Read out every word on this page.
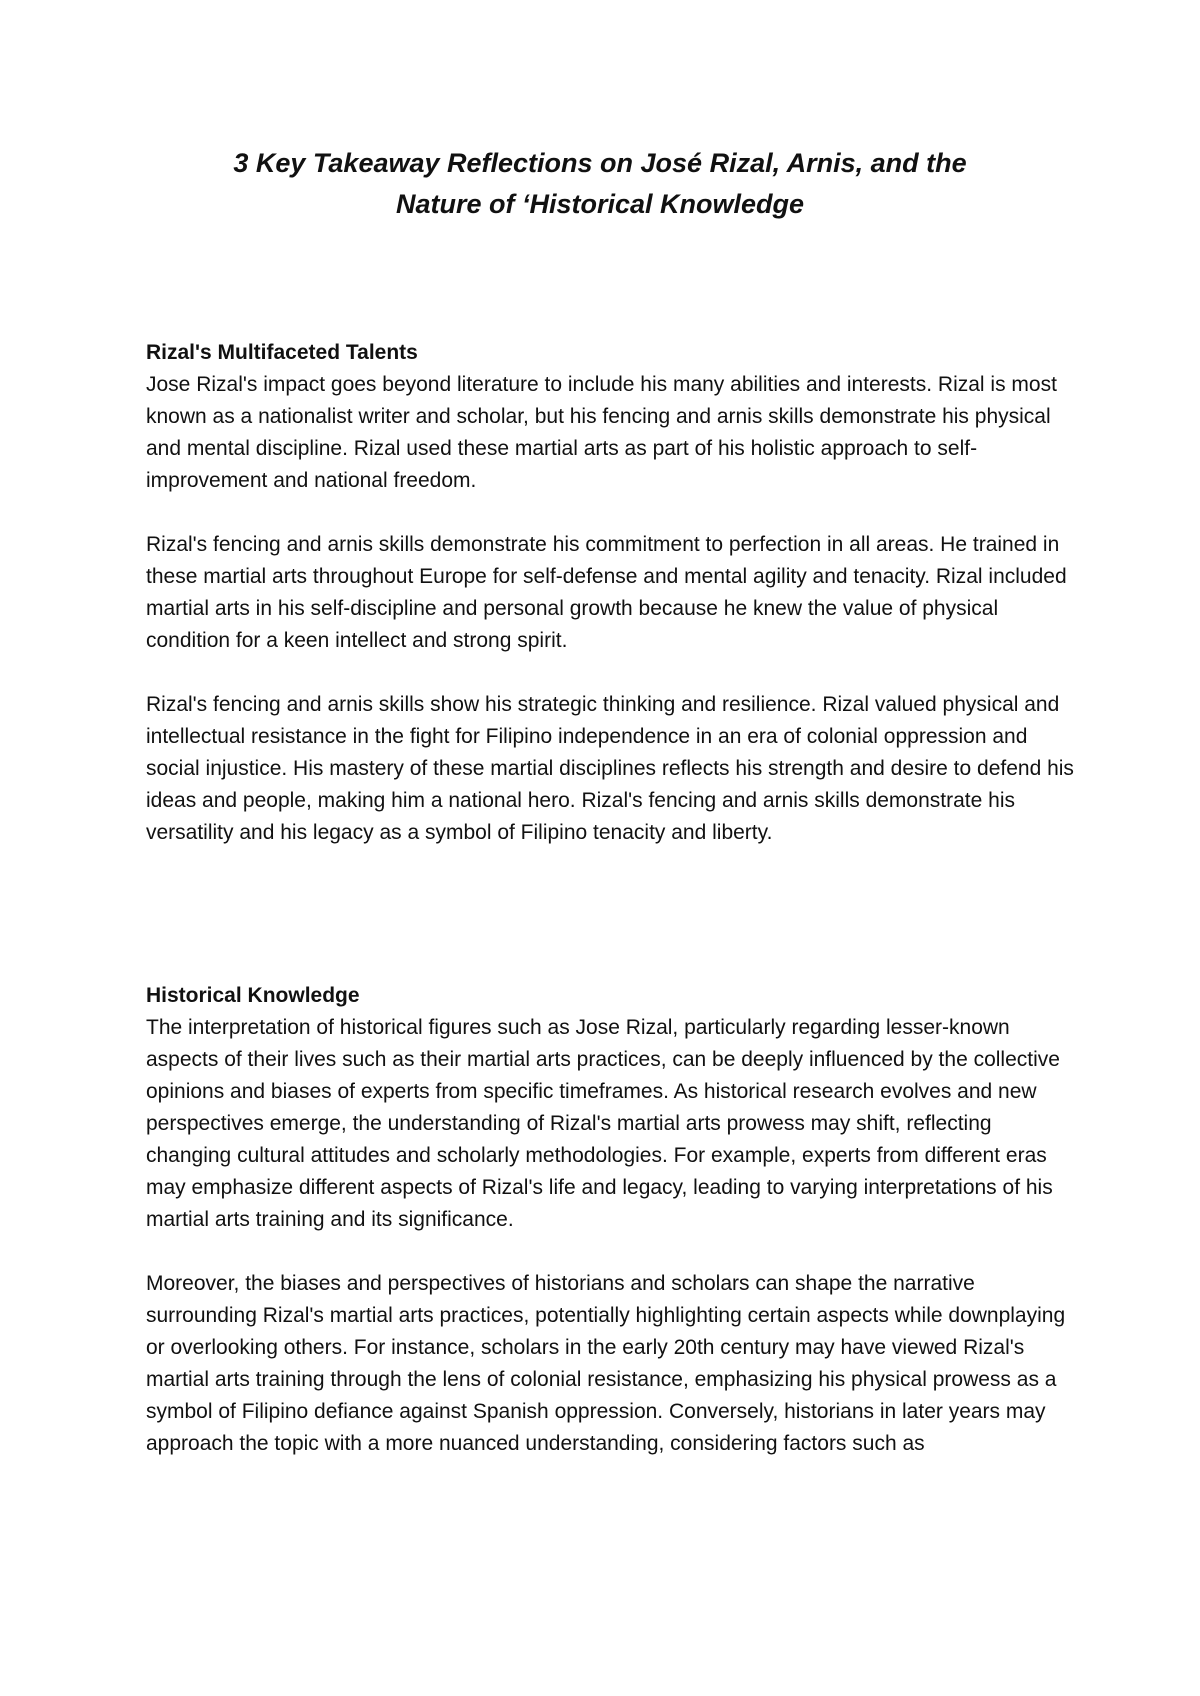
3 Key Takeaway Reflections on José Rizal, Arnis, and the
Nature of ‘Historical Knowledge
Rizal's Multifaceted Talents

Jose Rizal's impact goes beyond literature to include his many abilities and interests. Rizal is most known as a nationalist writer and scholar, but his fencing and arnis skills demonstrate his physical and mental discipline. Rizal used these martial arts as part of his holistic approach to self-improvement and national freedom.

Rizal's fencing and arnis skills demonstrate his commitment to perfection in all areas. He trained in these martial arts throughout Europe for self-defense and mental agility and tenacity. Rizal included martial arts in his self-discipline and personal growth because he knew the value of physical condition for a keen intellect and strong spirit.

Rizal's fencing and arnis skills show his strategic thinking and resilience. Rizal valued physical and intellectual resistance in the fight for Filipino independence in an era of colonial oppression and social injustice. His mastery of these martial disciplines reflects his strength and desire to defend his ideas and people, making him a national hero. Rizal's fencing and arnis skills demonstrate his versatility and his legacy as a symbol of Filipino tenacity and liberty.

Historical Knowledge

The interpretation of historical figures such as Jose Rizal, particularly regarding lesser-known aspects of their lives such as their martial arts practices, can be deeply influenced by the collective opinions and biases of experts from specific timeframes. As historical research evolves and new perspectives emerge, the understanding of Rizal's martial arts prowess may shift, reflecting changing cultural attitudes and scholarly methodologies. For example, experts from different eras may emphasize different aspects of Rizal's life and legacy, leading to varying interpretations of his martial arts training and its significance.

Moreover, the biases and perspectives of historians and scholars can shape the narrative surrounding Rizal's martial arts practices, potentially highlighting certain aspects while downplaying or overlooking others. For instance, scholars in the early 20th century may have viewed Rizal's martial arts training through the lens of colonial resistance, emphasizing his physical prowess as a symbol of Filipino defiance against Spanish oppression. Conversely, historians in later years may approach the topic with a more nuanced understanding, considering factors such as
